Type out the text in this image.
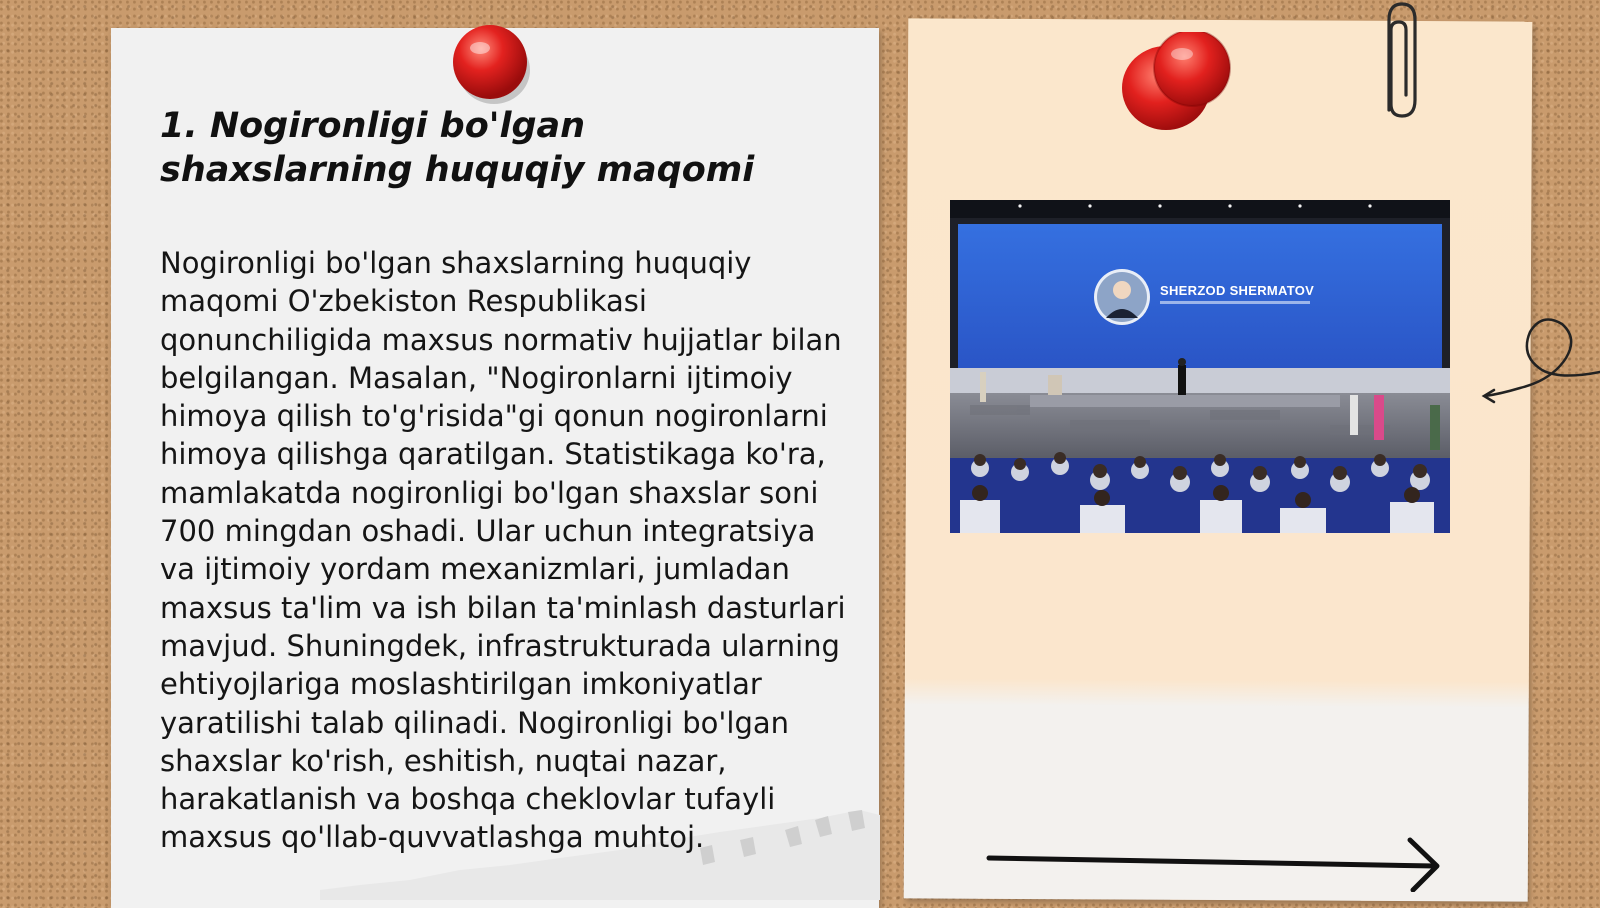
1. Nogironligi bo'lgan shaxslarning huquqiy maqomi

Nogironligi bo'lgan shaxslarning huquqiy maqomi O'zbekiston Respublikasi qonunchiligida maxsus normativ hujjatlar bilan belgilangan. Masalan, "Nogironlarni ijtimoiy himoya qilish to'g'risida"gi qonun nogironlarni himoya qilishga qaratilgan. Statistikaga ko'ra, mamlakatda nogironligi bo'lgan shaxslar soni 700 mingdan oshadi. Ular uchun integratsiya va ijtimoiy yordam mexanizmlari, jumladan maxsus ta'lim va ish bilan ta'minlash dasturlari mavjud. Shuningdek, infrastrukturada ularning ehtiyojlariga moslashtirilgan imkoniyatlar yaratilishi talab qilinadi. Nogironligi bo'lgan shaxslar ko'rish, eshitish, nuqtai nazar, harakatlanish va boshqa cheklovlar tufayli maxsus qo'llab-quvvatlashga muhtoj.

SHERZOD SHERMATOV
